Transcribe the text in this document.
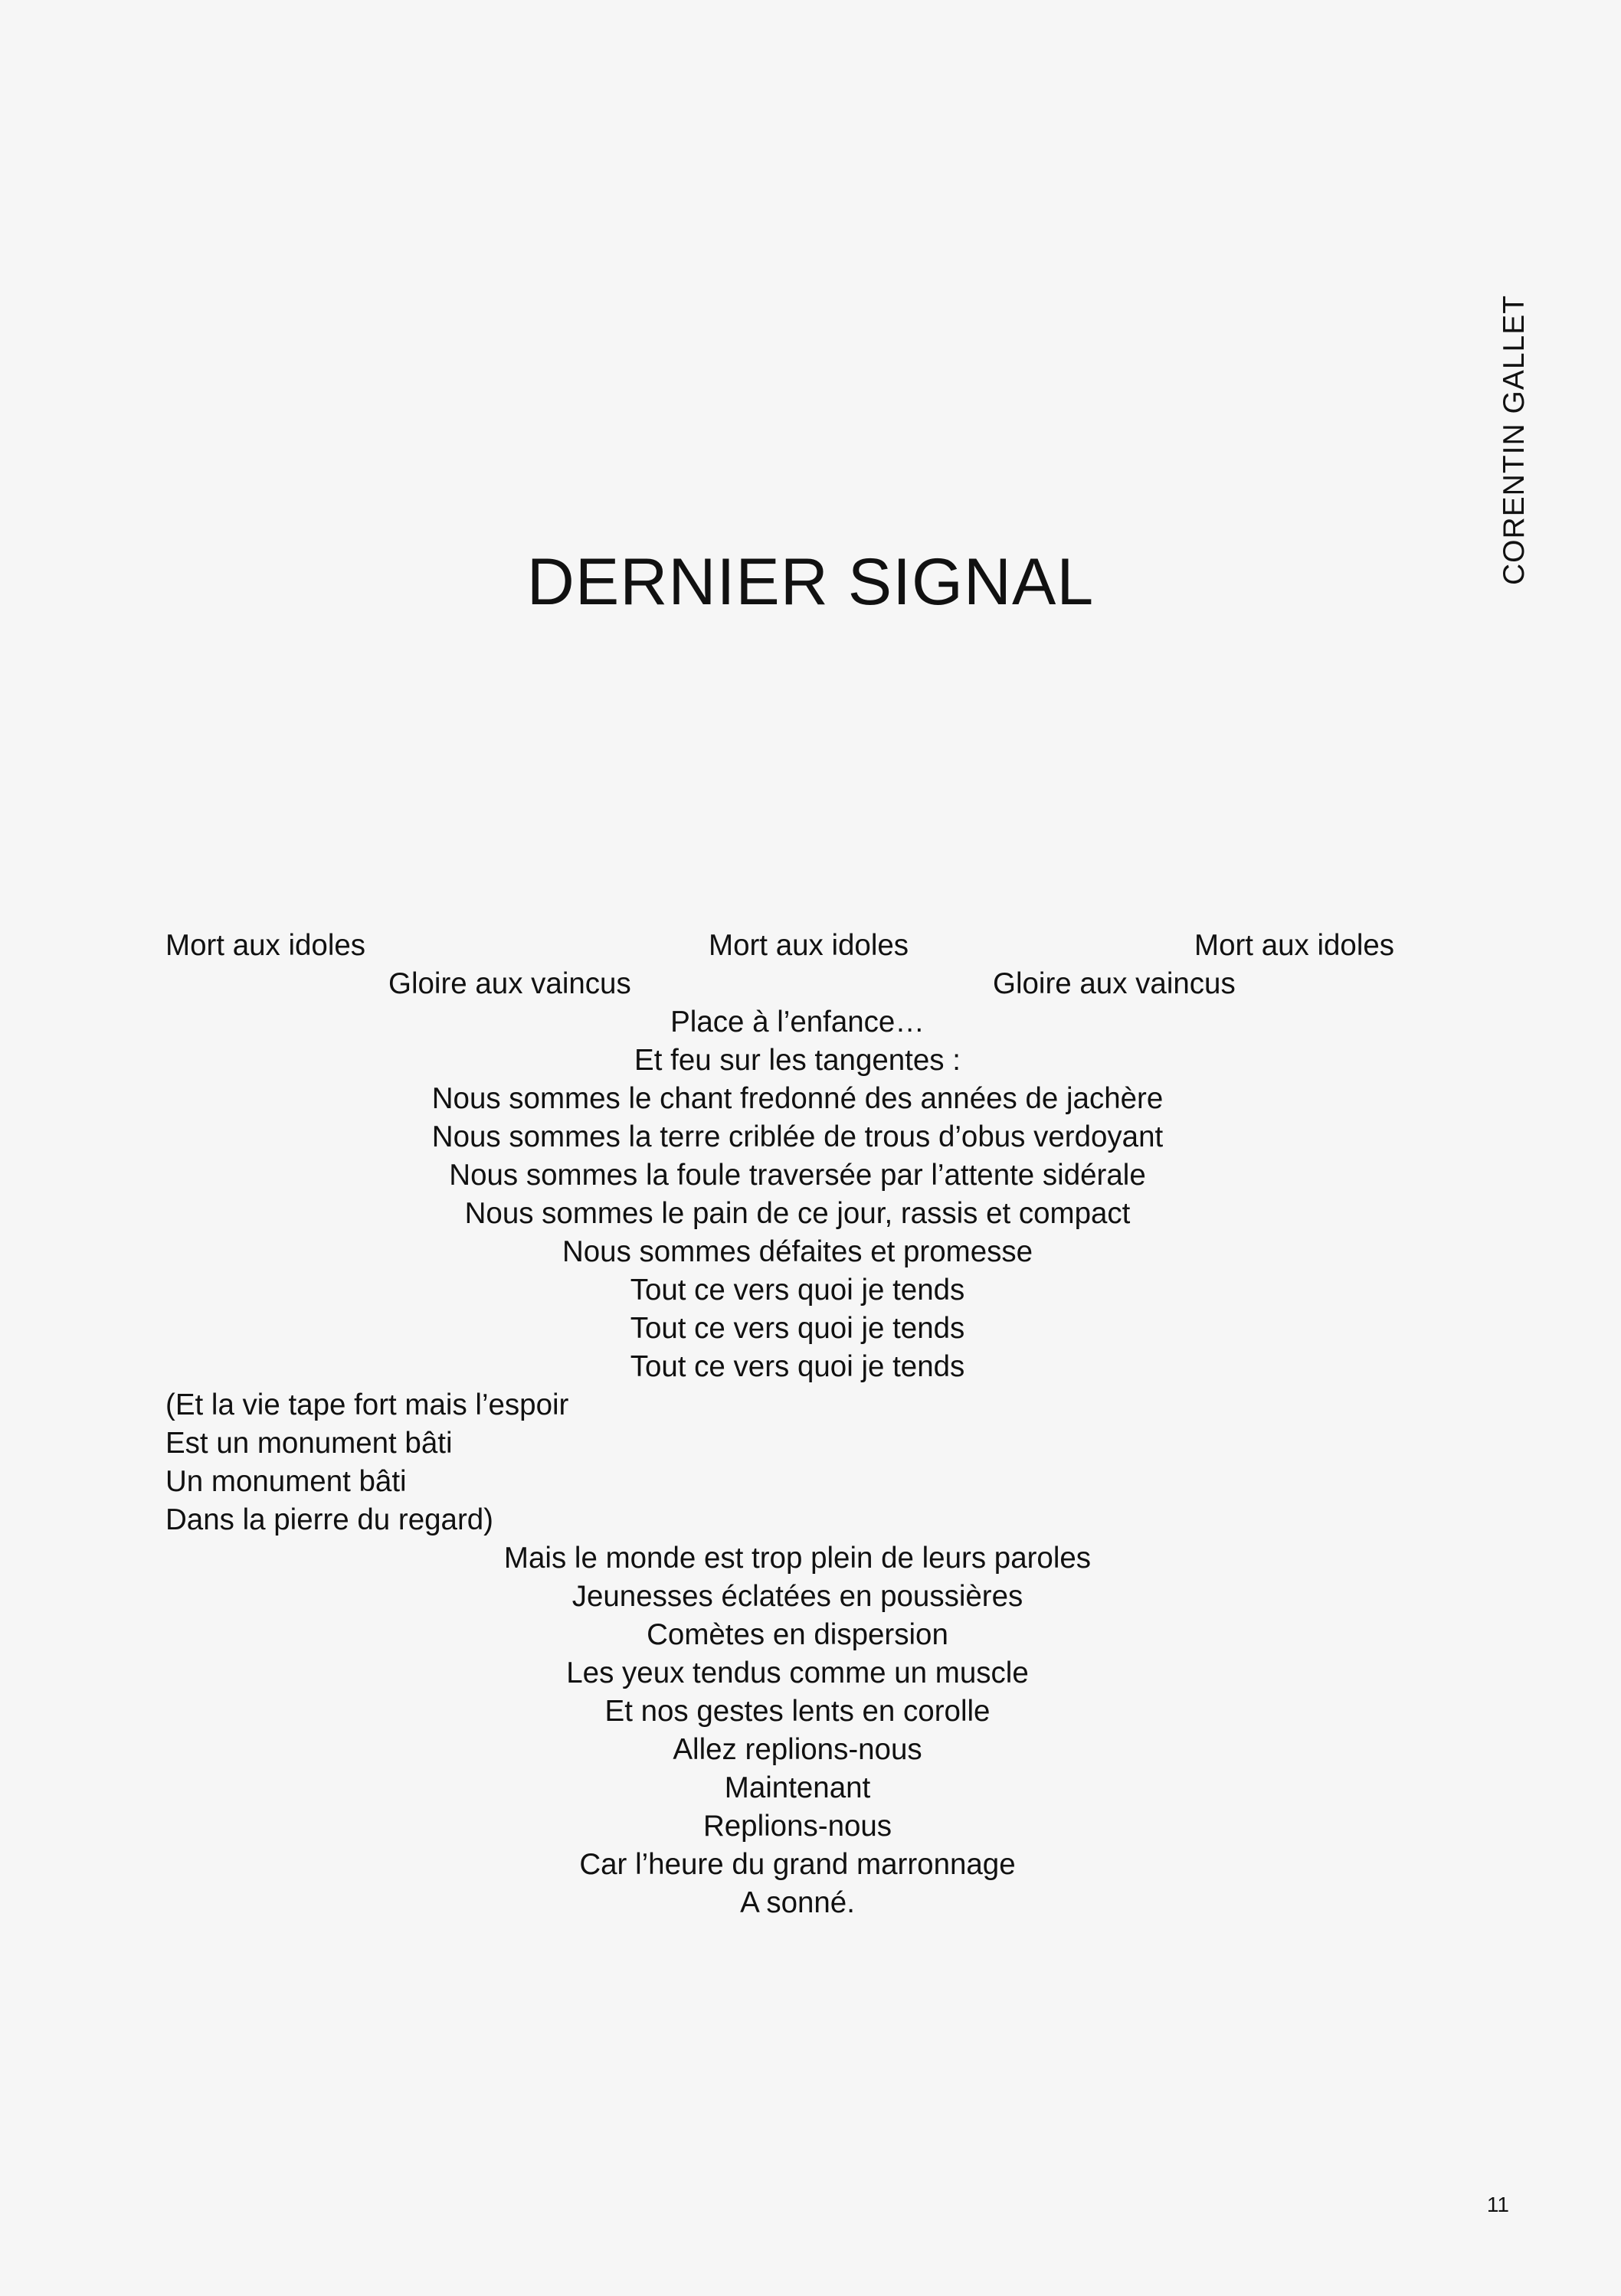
CORENTIN GALLET
DERNIER SIGNAL
Mort aux idoles	Mort aux idoles	Mort aux idoles
Gloire aux vaincus	Gloire aux vaincus
Place à l’enfance…
Et feu sur les tangentes :
Nous sommes le chant fredonné des années de jachère
Nous sommes la terre criblée de trous d’obus verdoyant
Nous sommes la foule traversée par l’attente sidérale
Nous sommes le pain de ce jour, rassis et compact
Nous sommes défaites et promesse
Tout ce vers quoi je tends
Tout ce vers quoi je tends
Tout ce vers quoi je tends
(Et la vie tape fort mais l’espoir
Est un monument bâti
Un monument bâti
Dans la pierre du regard)
Mais le monde est trop plein de leurs paroles
Jeunesses éclatées en poussières
Comètes en dispersion
Les yeux tendus comme un muscle
Et nos gestes lents en corolle
Allez replions-nous
Maintenant
Replions-nous
Car l’heure du grand marronnage
A sonné.
11
